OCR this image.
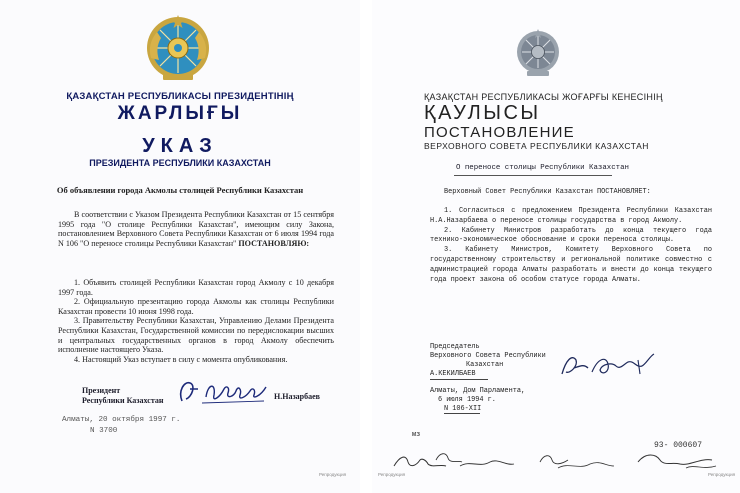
ҚАЗАҚСТАН РЕСПУБЛИКАСЫ ПРЕЗИДЕНТІНІҢ
ЖАРЛЫҒЫ
УКАЗ
ПРЕЗИДЕНТА РЕСПУБЛИКИ КАЗАХСТАН
Об объявлении города Акмолы столицей Республики Казахстан

В соответствии с Указом Президента Республики Казахстан от 15 сентября 1995 года "О столице Республики Казахстан", имеющим силу Закона, постановлением Верховного Совета Республики Казахстан от 6 июля 1994 года N 106 "О переносе столицы Республики Казахстан" ПОСТАНОВЛЯЮ:

1. Объявить столицей Республики Казахстан город Акмолу с 10 декабря 1997 года.

2. Официальную презентацию города Акмолы как столицы Республики Казахстан провести 10 июня 1998 года.

3. Правительству Республики Казахстан, Управлению Делами Президента Республики Казахстан, Государственной комиссии по передислокации высших и центральных государственных органов в город Акмолу обеспечить исполнение настоящего Указа.

4. Настоящий Указ вступает в силу с момента опубликования.

Президент
Республики Казахстан	Н.Назарбаев
Алматы, 20 октября 1997 г.
N 3700
Репродукция
ҚАЗАҚСТАН РЕСПУБЛИКАСЫ ЖОҒАРҒЫ КЕНЕСІНІҢ
ҚАУЛЫСЫ
ПОСТАНОВЛЕНИЕ
ВЕРХОВНОГО СОВЕТА РЕСПУБЛИКИ КАЗАХСТАН
О переносе столицы Республики Казахстан

Верховный Совет Республики Казахстан ПОСТАНОВЛЯЕТ:

1. Согласиться с предложением Президента Республики Казахстан Н.А.Назарбаева о переносе столицы государства в город Акмолу.

2. Кабинету Министров разработать до конца текущего года технико-экономическое обоснование и сроки переноса столицы.

3. Кабинету Министров, Комитету Верховного Совета по государственному строительству и региональной политике совместно с администрацией города Алматы разработать и внести до конца текущего года проект закона об особом статусе города Алматы.

Председатель
Верховного Совета Республики
Казахстан
А.КЕКИЛБАЕВ
Алматы, Дом Парламента,
6 июля 1994 г.
N 106-XII
мз
93- 000607
Репродукция	Репродукция
